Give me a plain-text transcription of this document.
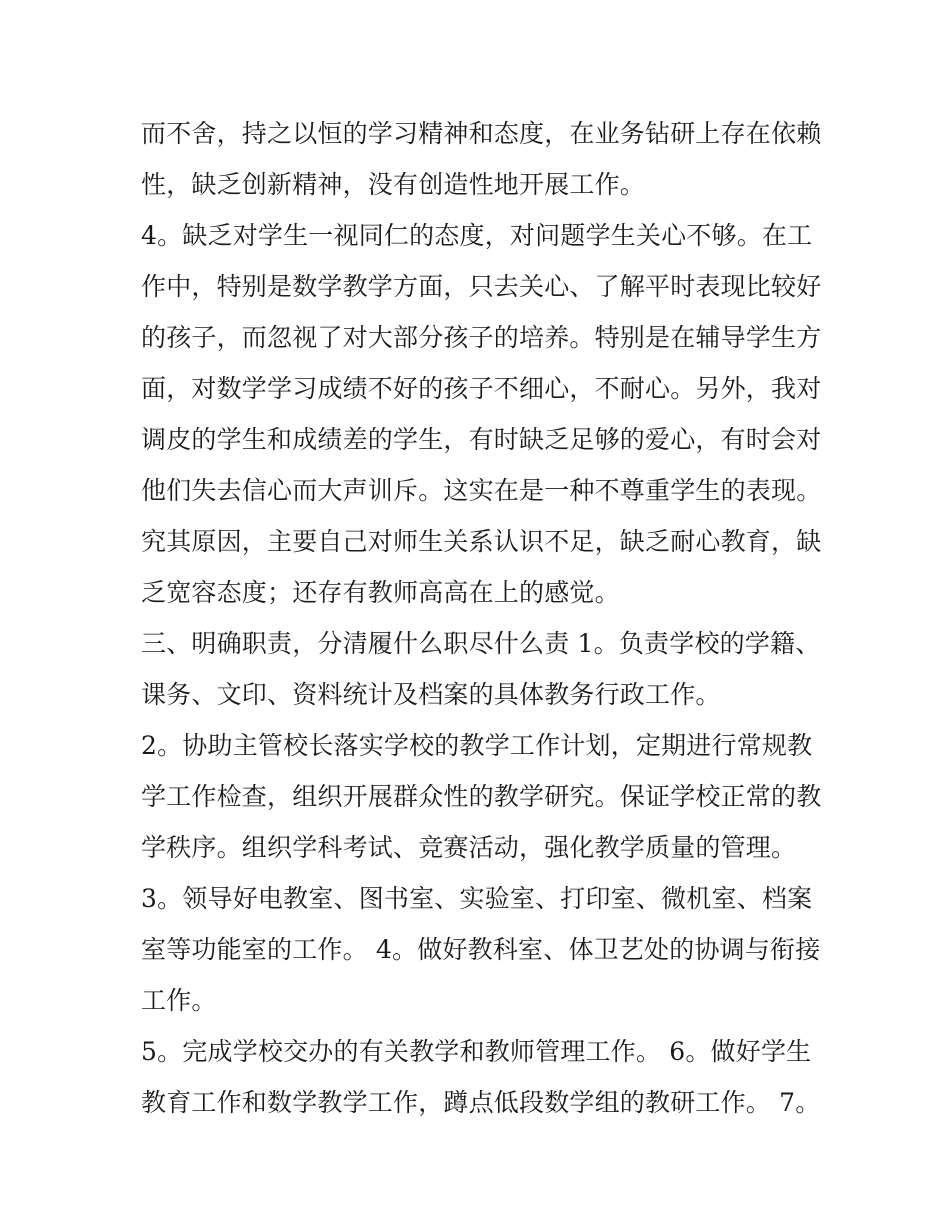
而不舍，持之以恒的学习精神和态度，在业务钻研上存在依赖
性，缺乏创新精神，没有创造性地开展工作。
4。缺乏对学生一视同仁的态度，对问题学生关心不够。在工
作中，特别是数学教学方面，只去关心、了解平时表现比较好
的孩子，而忽视了对大部分孩子的培养。特别是在辅导学生方
面，对数学学习成绩不好的孩子不细心，不耐心。另外，我对
调皮的学生和成绩差的学生，有时缺乏足够的爱心，有时会对
他们失去信心而大声训斥。这实在是一种不尊重学生的表现。
究其原因，主要自己对师生关系认识不足，缺乏耐心教育，缺
乏宽容态度；还存有教师高高在上的感觉。
三、明确职责，分清履什么职尽什么责 1。负责学校的学籍、
课务、文印、资料统计及档案的具体教务行政工作。
2。协助主管校长落实学校的教学工作计划，定期进行常规教
学工作检查，组织开展群众性的教学研究。保证学校正常的教
学秩序。组织学科考试、竞赛活动，强化教学质量的管理。
3。领导好电教室、图书室、实验室、打印室、微机室、档案
室等功能室的工作。 4。做好教科室、体卫艺处的协调与衔接
工作。
5。完成学校交办的有关教学和教师管理工作。 6。做好学生
教育工作和数学教学工作，蹲点低段数学组的教研工作。 7。
